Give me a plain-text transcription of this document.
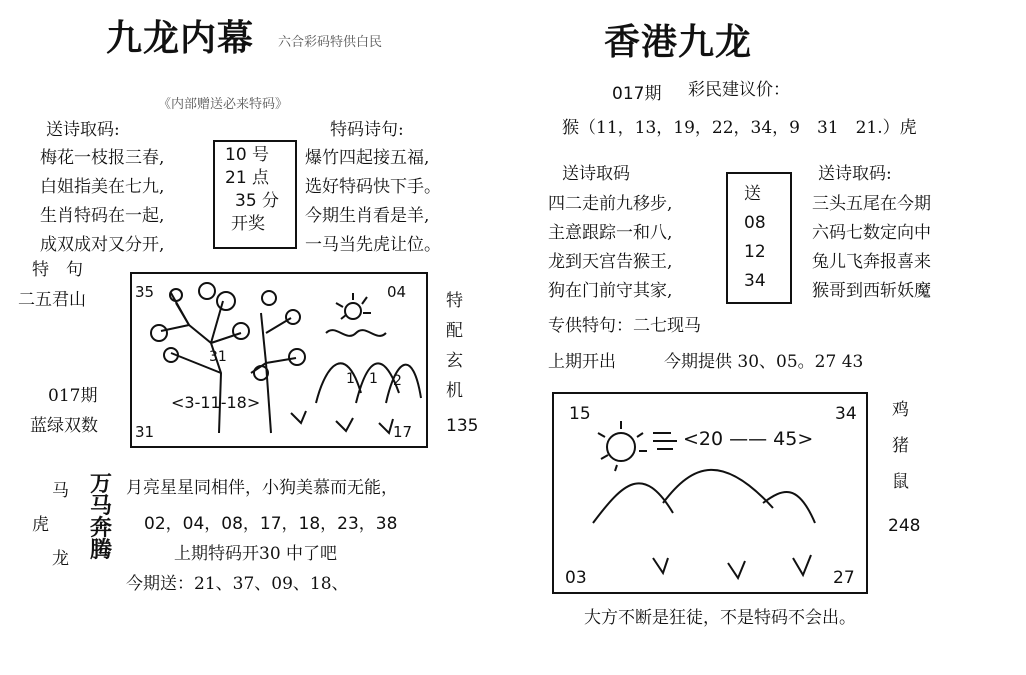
九龙内幕 六合彩码特供白民
《内部赠送必来特码》
送诗取码:
梅花一枝报三春,
白姐指美在七九,
生肖特码在一起,
成双成对又分开,
10 号
21 点
35 分
开奖
特码诗句:
爆竹四起接五福,
选好特码快下手。
今期生肖看是羊,
一马当先虎让位。
特　句
二五君山
017期
蓝绿双数
35	04
31	17
31
<3-11-18>
1	2
1
特
配
玄
机
135
马
虎
龙
万马奔腾
月亮星星同相伴，小狗美慕而无能，
02，04，08，17，18，23，38
上期特码开30 中了吧
今期送：21、37、09、18、
香港九龙
017期 彩民建议价：
猴（11，13，19，22，34，9　31　21.）虎
送诗取码
四二走前九移步,
主意跟踪一和八,
龙到天宫告猴王,
狗在门前守其家,
送
08
12
34
送诗取码:
三头五尾在今期
六码七数定向中
兔儿飞奔报喜来
猴哥到西斩妖魔
专供特句：二七现马
上期开出	今期提供 30、05。27 43
15	34
03	27
<20 —— 45>
鸡
猪
鼠
248
大方不断是狂徒，不是特码不会出。
